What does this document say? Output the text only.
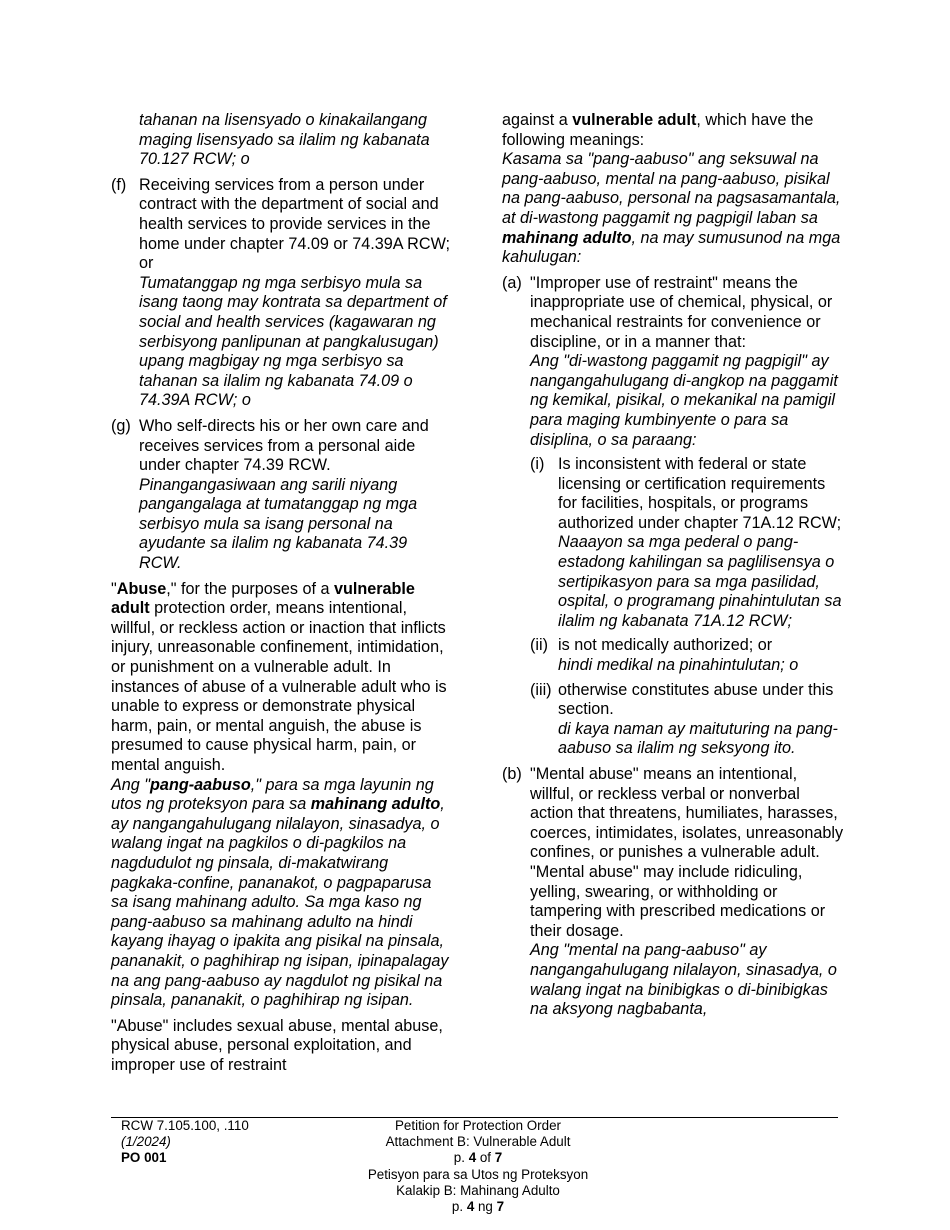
tahanan na lisensyado o kinakailangang
maging lisensyado sa ilalim ng kabanata
70.127 RCW; o
(f) Receiving services from a person under contract with the department of social and health services to provide services in the home under chapter 74.09 or 74.39A RCW; or

Tumatanggap ng mga serbisyo mula sa isang taong may kontrata sa department of social and health services (kagawaran ng serbisyong panlipunan at pangkalusugan) upang magbigay ng mga serbisyo sa tahanan sa ilalim ng kabanata 74.09 o 74.39A RCW; o

(g) Who self-directs his or her own care and receives services from a personal aide under chapter 74.39 RCW.

Pinangangasiwaan ang sarili niyang pangangalaga at tumatanggap ng mga serbisyo mula sa isang personal na ayudante sa ilalim ng kabanata 74.39 RCW.

"Abuse," for the purposes of a vulnerable adult protection order, means intentional, willful, or reckless action or inaction that inflicts injury, unreasonable confinement, intimidation, or punishment on a vulnerable adult. In instances of abuse of a vulnerable adult who is unable to express or demonstrate physical harm, pain, or mental anguish, the abuse is presumed to cause physical harm, pain, or mental anguish.

Ang "pang-aabuso," para sa mga layunin ng utos ng proteksyon para sa mahinang adulto, ay nangangahulugang nilalayon, sinasadya, o walang ingat na pagkilos o di-pagkilos na nagdudulot ng pinsala, di-makatwirang pagkaka-confine, pananakot, o pagpaparusa sa isang mahinang adulto. Sa mga kaso ng pang-aabuso sa mahinang adulto na hindi kayang ihayag o ipakita ang pisikal na pinsala, pananakit, o paghihirap ng isipan, ipinapalagay na ang pang-aabuso ay nagdulot ng pisikal na pinsala, pananakit, o paghihirap ng isipan.

"Abuse" includes sexual abuse, mental abuse, physical abuse, personal exploitation, and improper use of restraint

against a vulnerable adult, which have the following meanings:

Kasama sa "pang-aabuso" ang seksuwal na pang-aabuso, mental na pang-aabuso, pisikal na pang-aabuso, personal na pagsasamantala, at di-wastong paggamit ng pagpigil laban sa mahinang adulto, na may sumusunod na mga kahulugan:

(a) "Improper use of restraint" means the inappropriate use of chemical, physical, or mechanical restraints for convenience or discipline, or in a manner that:

Ang "di-wastong paggamit ng pagpigil" ay nangangahulugang di-angkop na paggamit ng kemikal, pisikal, o mekanikal na pamigil para maging kumbinyente o para sa disiplina, o sa paraang:

(i) Is inconsistent with federal or state licensing or certification requirements for facilities, hospitals, or programs authorized under chapter 71A.12 RCW;

Naaayon sa mga pederal o pang-estadong kahilingan sa paglilisensya o sertipikasyon para sa mga pasilidad, ospital, o programang pinahintulutan sa ilalim ng kabanata 71A.12 RCW;

(ii) is not medically authorized; or

hindi medikal na pinahintulutan; o

(iii) otherwise constitutes abuse under this section.

di kaya naman ay maituturing na pang-aabuso sa ilalim ng seksyong ito.

(b) "Mental abuse" means an intentional, willful, or reckless verbal or nonverbal action that threatens, humiliates, harasses, coerces, intimidates, isolates, unreasonably confines, or punishes a vulnerable adult. "Mental abuse" may include ridiculing, yelling, swearing, or withholding or tampering with prescribed medications or their dosage.

Ang "mental na pang-aabuso" ay nangangahulugang nilalayon, sinasadya, o walang ingat na binibigkas o di-binibigkas na aksyong nagbabanta,

RCW 7.105.100, .110
(1/2024)
PO 001
Petition for Protection Order
Attachment B: Vulnerable Adult
p. 4 of 7
Petisyon para sa Utos ng Proteksyon
Kalakip B: Mahinang Adulto
p. 4 ng 7
